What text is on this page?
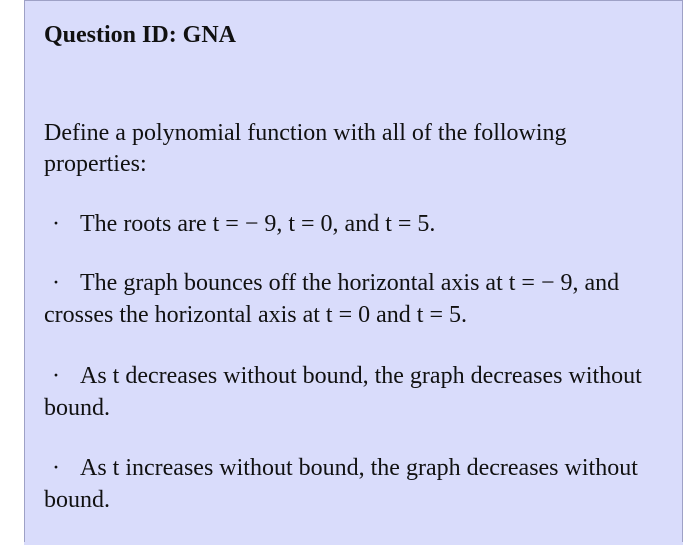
Question ID: GNA
Define a polynomial function with all of the following properties:
· The roots are t = − 9, t = 0, and t = 5.
· The graph bounces off the horizontal axis at t = − 9, and crosses the horizontal axis at t = 0 and t = 5.
· As t decreases without bound, the graph decreases without bound.
· As t increases without bound, the graph decreases without bound.
